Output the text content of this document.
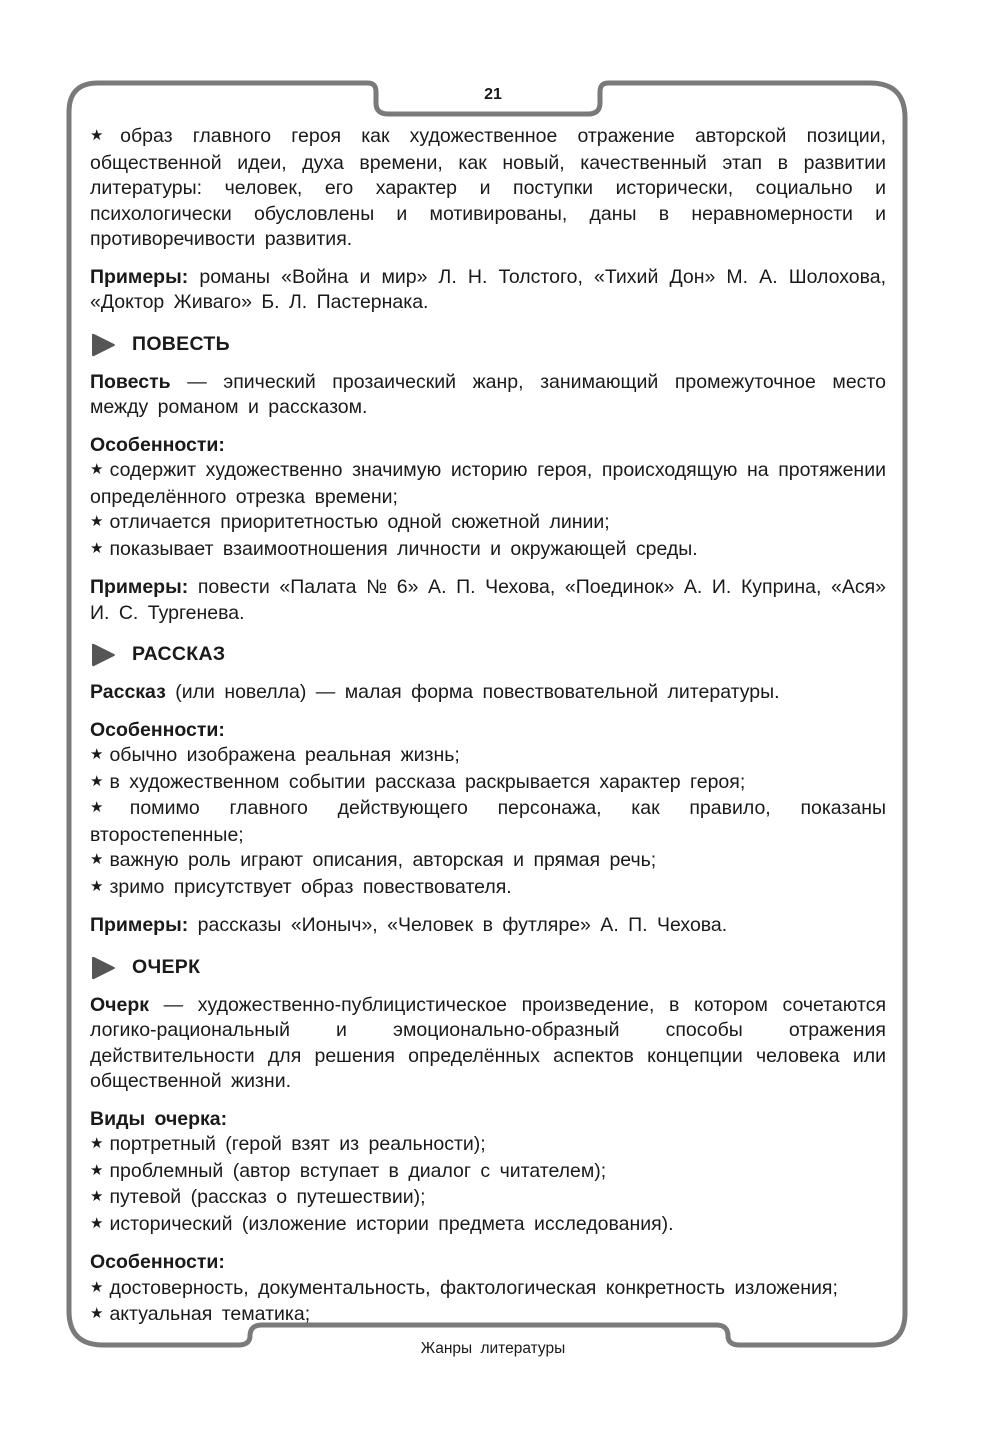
21

★ образ главного героя как художественное отражение авторской позиции, общественной идеи, духа времени, как новый, качественный этап в развитии литературы: человек, его характер и поступки исторически, социально и психологически обусловлены и мотивированы, даны в неравномерности и противоречивости развития.

Примеры: романы «Война и мир» Л. Н. Толстого, «Тихий Дон» М. А. Шолохова, «Доктор Живаго» Б. Л. Пастернака.

ПОВЕСТЬ

Повесть — эпический прозаический жанр, занимающий промежуточное место между романом и рассказом.

Особенности:

★ содержит художественно значимую историю героя, происходящую на протяжении определённого отрезка времени;

★ отличается приоритетностью одной сюжетной линии;

★ показывает взаимоотношения личности и окружающей среды.

Примеры: повести «Палата № 6» А. П. Чехова, «Поединок» А. И. Куприна, «Ася» И. С. Тургенева.

РАССКАЗ

Рассказ (или новелла) — малая форма повествовательной литературы.

Особенности:

★ обычно изображена реальная жизнь;

★ в художественном событии рассказа раскрывается характер героя;

★ помимо главного действующего персонажа, как правило, показаны второстепенные;

★ важную роль играют описания, авторская и прямая речь;

★ зримо присутствует образ повествователя.

Примеры: рассказы «Ионыч», «Человек в футляре» А. П. Чехова.

ОЧЕРК

Очерк — художественно-публицистическое произведение, в котором сочетаются логико-рациональный и эмоционально-образный способы отражения действительности для решения определённых аспектов концепции человека или общественной жизни.

Виды очерка:

★ портретный (герой взят из реальности);

★ проблемный (автор вступает в диалог с читателем);

★ путевой (рассказ о путешествии);

★ исторический (изложение истории предмета исследования).

Особенности:

★ достоверность, документальность, фактологическая конкретность изложения;

★ актуальная тематика;

Жанры литературы
